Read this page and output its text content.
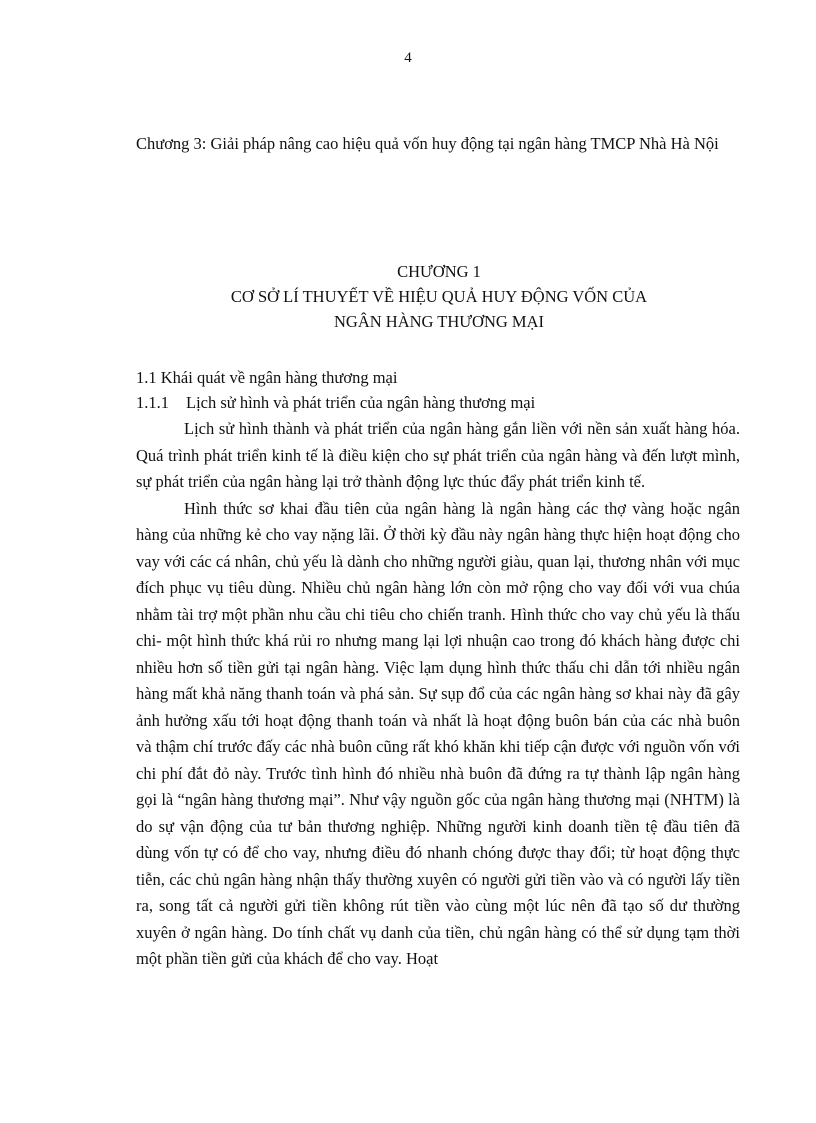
4
Chương 3: Giải pháp nâng cao hiệu quả vốn huy động tại ngân hàng TMCP Nhà Hà Nội
CHƯƠNG 1
CƠ SỞ LÍ THUYẾT VỀ HIỆU QUẢ HUY ĐỘNG VỐN CỦA
NGÂN HÀNG THƯƠNG MẠI
1.1 Khái quát về ngân hàng thương mại
1.1.1 Lịch sử hình và phát triển của ngân hàng thương mại

Lịch sử hình thành và phát triển của ngân hàng gắn liền với nền sản xuất hàng hóa. Quá trình phát triển kinh tế là điều kiện cho sự phát triển của ngân hàng và đến lượt mình, sự phát triển của ngân hàng lại trở thành động lực thúc đẩy phát triển kinh tế.

Hình thức sơ khai đầu tiên của ngân hàng là ngân hàng các thợ vàng hoặc ngân hàng của những kẻ cho vay nặng lãi. Ở thời kỳ đầu này ngân hàng thực hiện hoạt động cho vay với các cá nhân, chủ yếu là dành cho những người giàu, quan lại, thương nhân với mục đích phục vụ tiêu dùng. Nhiều chủ ngân hàng lớn còn mở rộng cho vay đối với vua chúa nhằm tài trợ một phần nhu cầu chi tiêu cho chiến tranh. Hình thức cho vay chủ yếu là thấu chi- một hình thức khá rủi ro nhưng mang lại lợi nhuận cao trong đó khách hàng được chi nhiều hơn số tiền gửi tại ngân hàng. Việc lạm dụng hình thức thấu chi dẫn tới nhiều ngân hàng mất khả năng thanh toán và phá sản. Sự sụp đổ của các ngân hàng sơ khai này đã gây ảnh hưởng xấu tới hoạt động thanh toán và nhất là hoạt động buôn bán của các nhà buôn và thậm chí trước đấy các nhà buôn cũng rất khó khăn khi tiếp cận được với nguồn vốn với chi phí đắt đỏ này. Trước tình hình đó nhiều nhà buôn đã đứng ra tự thành lập ngân hàng gọi là “ngân hàng thương mại”. Như vậy nguồn gốc của ngân hàng thương mại (NHTM) là do sự vận động của tư bản thương nghiệp. Những người kinh doanh tiền tệ đầu tiên đã dùng vốn tự có để cho vay, nhưng điều đó nhanh chóng được thay đổi; từ hoạt động thực tiễn, các chủ ngân hàng nhận thấy thường xuyên có người gửi tiền vào và có người lấy tiền ra, song tất cả người gửi tiền không rút tiền vào cùng một lúc nên đã tạo số dư thường xuyên ở ngân hàng. Do tính chất vụ danh của tiền, chủ ngân hàng có thể sử dụng tạm thời một phần tiền gửi của khách để cho vay. Hoạt
